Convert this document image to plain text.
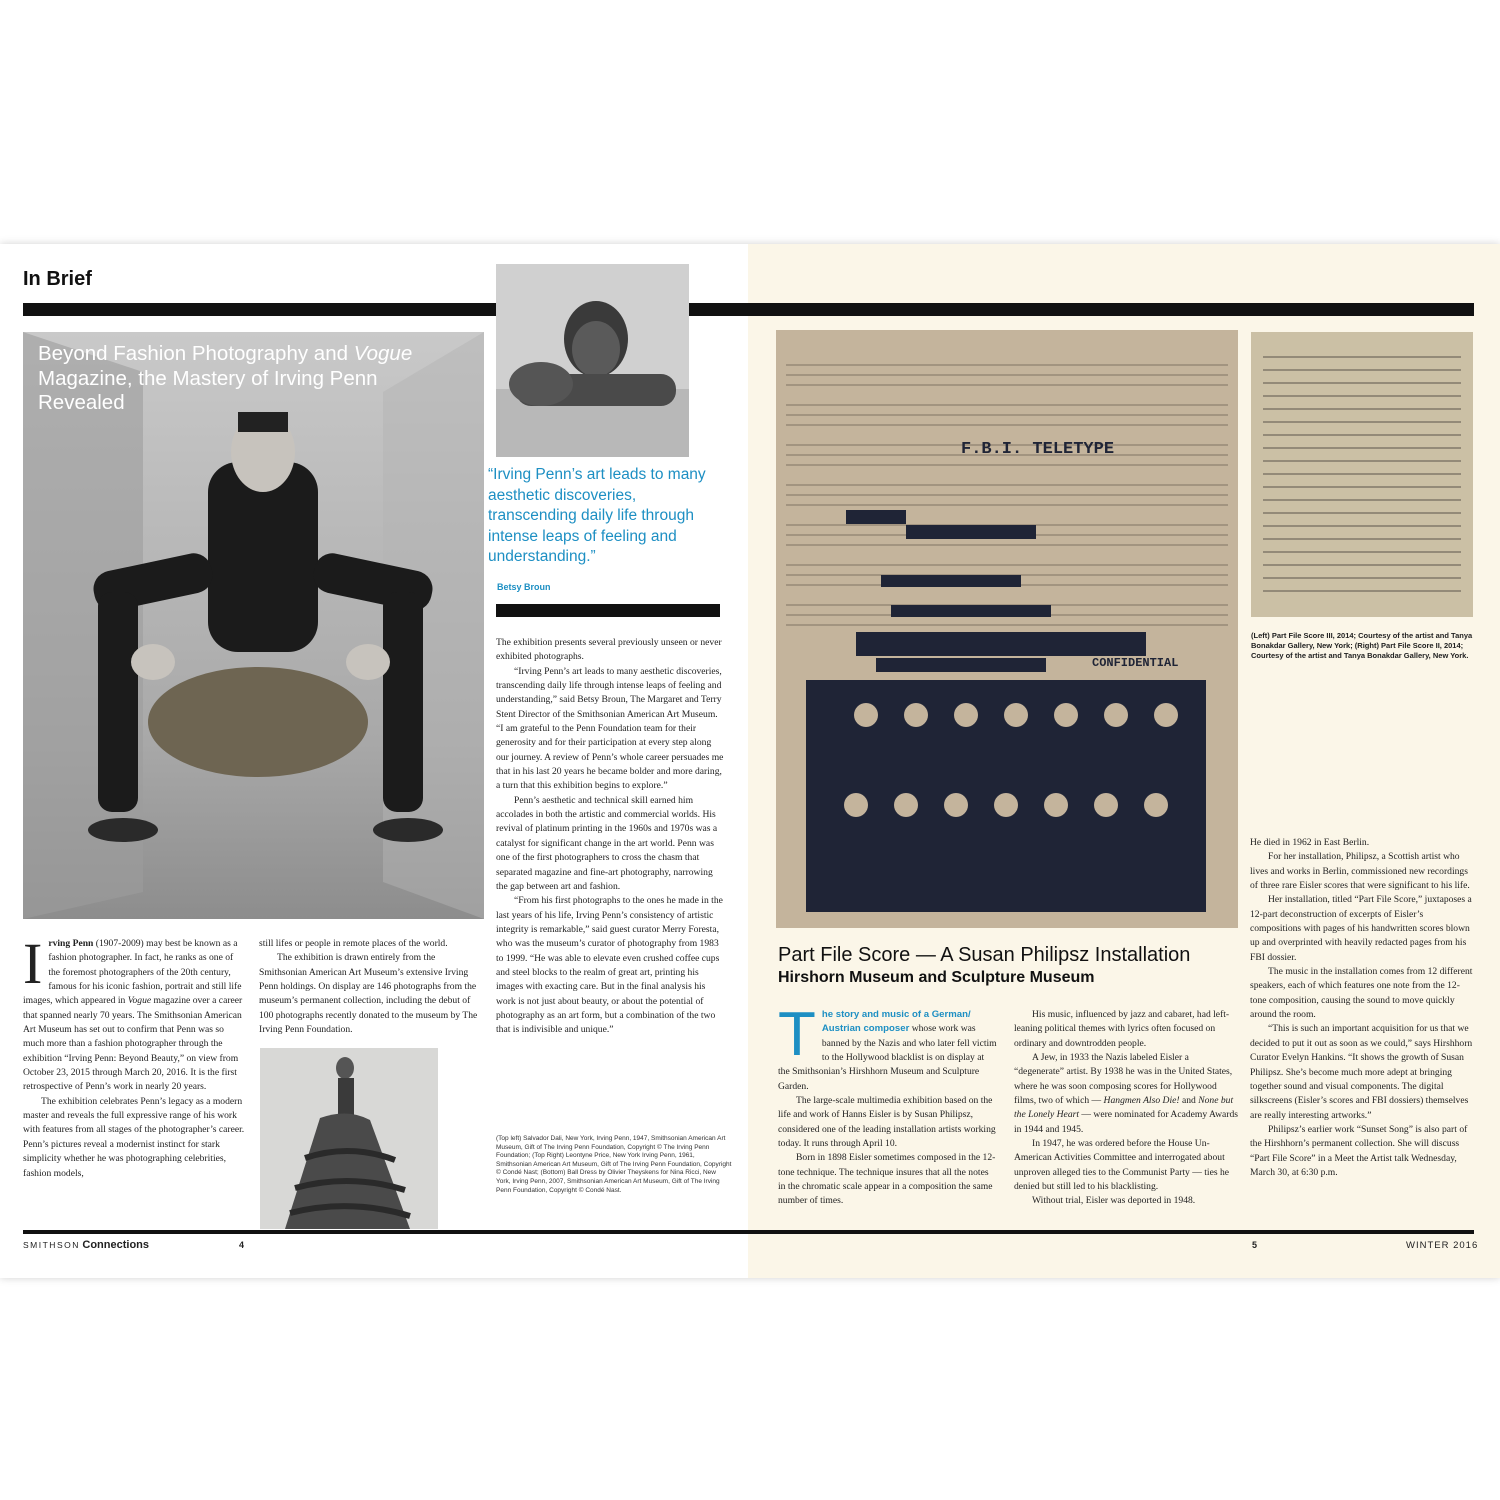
In Brief
Beyond Fashion Photography and Vogue Magazine, the Mastery of Irving Penn Revealed
“Irving Penn’s art leads to many aesthetic discoveries, transcending daily life through intense leaps of feeling and understanding.”
Betsy Broun

Irving Penn (1907-2009) may best be known as a fashion photographer. In fact, he ranks as one of the foremost photographers of the 20th century, famous for his iconic fashion, portrait and still life images, which appeared in Vogue magazine over a career that spanned nearly 70 years. The Smithsonian American Art Museum has set out to confirm that Penn was so much more than a fashion photographer through the exhibition “Irving Penn: Beyond Beauty,” on view from October 23, 2015 through March 20, 2016. It is the first retrospective of Penn’s work in nearly 20 years.

The exhibition celebrates Penn’s legacy as a modern master and reveals the full expressive range of his work with features from all stages of the photographer’s career. Penn’s pictures reveal a modernist instinct for stark simplicity whether he was photographing celebrities, fashion models,

still lifes or people in remote places of the world.

The exhibition is drawn entirely from the Smithsonian American Art Museum’s extensive Irving Penn holdings. On display are 146 photographs from the museum’s permanent collection, including the debut of 100 photographs recently donated to the museum by The Irving Penn Foundation.

The exhibition presents several previously unseen or never exhibited photographs.

“Irving Penn’s art leads to many aesthetic discoveries, transcending daily life through intense leaps of feeling and understanding,” said Betsy Broun, The Margaret and Terry Stent Director of the Smithsonian American Art Museum. “I am grateful to the Penn Foundation team for their generosity and for their participation at every step along our journey. A review of Penn’s whole career persuades me that in his last 20 years he became bolder and more daring, a turn that this exhibition begins to explore.”

Penn’s aesthetic and technical skill earned him accolades in both the artistic and commercial worlds. His revival of platinum printing in the 1960s and 1970s was a catalyst for significant change in the art world. Penn was one of the first photographers to cross the chasm that separated magazine and fine-art photography, narrowing the gap between art and fashion.

“From his first photographs to the ones he made in the last years of his life, Irving Penn’s consistency of artistic integrity is remarkable,” said guest curator Merry Foresta, who was the museum’s curator of photography from 1983 to 1999. “He was able to elevate even crushed coffee cups and steel blocks to the realm of great art, printing his images with exacting care. But in the final analysis his work is not just about beauty, or about the potential of photography as an art form, but a combination of the two that is indivisible and unique.”

(Top left) Salvador Dali, New York, Irving Penn, 1947, Smithsonian American Art Museum, Gift of The Irving Penn Foundation, Copyright © The Irving Penn Foundation; (Top Right) Leontyne Price, New York Irving Penn, 1961, Smithsonian American Art Museum, Gift of The Irving Penn Foundation, Copyright © Condé Nast; (Bottom) Ball Dress by Olivier Theyskens for Nina Ricci, New York, Irving Penn, 2007, Smithsonian American Art Museum, Gift of The Irving Penn Foundation, Copyright © Condé Nast.
F.B.I. TELETYPE
CONFIDENTIAL
(Left) Part File Score III, 2014; Courtesy of the artist and Tanya Bonakdar Gallery, New York; (Right) Part File Score II, 2014; Courtesy of the artist and Tanya Bonakdar Gallery, New York.
Part File Score — A Susan Philipsz Installation
Hirshorn Museum and Sculpture Museum

The story and music of a German/ Austrian composer whose work was banned by the Nazis and who later fell victim to the Hollywood blacklist is on display at the Smithsonian’s Hirshhorn Museum and Sculpture Garden.

The large-scale multimedia exhibition based on the life and work of Hanns Eisler is by Susan Philipsz, considered one of the leading installation artists working today. It runs through April 10.

Born in 1898 Eisler sometimes composed in the 12-tone technique. The technique insures that all the notes in the chromatic scale appear in a composition the same number of times.

His music, influenced by jazz and cabaret, had left-leaning political themes with lyrics often focused on ordinary and downtrodden people.

A Jew, in 1933 the Nazis labeled Eisler a “degenerate” artist. By 1938 he was in the United States, where he was soon composing scores for Hollywood films, two of which — Hangmen Also Die! and None but the Lonely Heart — were nominated for Academy Awards in 1944 and 1945.

In 1947, he was ordered before the House Un-American Activities Committee and interrogated about unproven alleged ties to the Communist Party — ties he denied but still led to his blacklisting.

Without trial, Eisler was deported in 1948.

He died in 1962 in East Berlin.

For her installation, Philipsz, a Scottish artist who lives and works in Berlin, commissioned new recordings of three rare Eisler scores that were significant to his life.

Her installation, titled “Part File Score,” juxtaposes a 12-part deconstruction of excerpts of Eisler’s compositions with pages of his handwritten scores blown up and overprinted with heavily redacted pages from his FBI dossier.

The music in the installation comes from 12 different speakers, each of which features one note from the 12-tone composition, causing the sound to move quickly around the room.

“This is such an important acquisition for us that we decided to put it out as soon as we could,” says Hirshhorn Curator Evelyn Hankins. “It shows the growth of Susan Philipsz. She’s become much more adept at bringing together sound and visual components. The digital silkscreens (Eisler’s scores and FBI dossiers) themselves are really interesting artworks.”

Philipsz’s earlier work “Sunset Song” is also part of the Hirshhorn’s permanent collection. She will discuss “Part File Score” in a Meet the Artist talk Wednesday, March 30, at 6:30 p.m.

SMITHSON Connections	4	5	WINTER 2016
